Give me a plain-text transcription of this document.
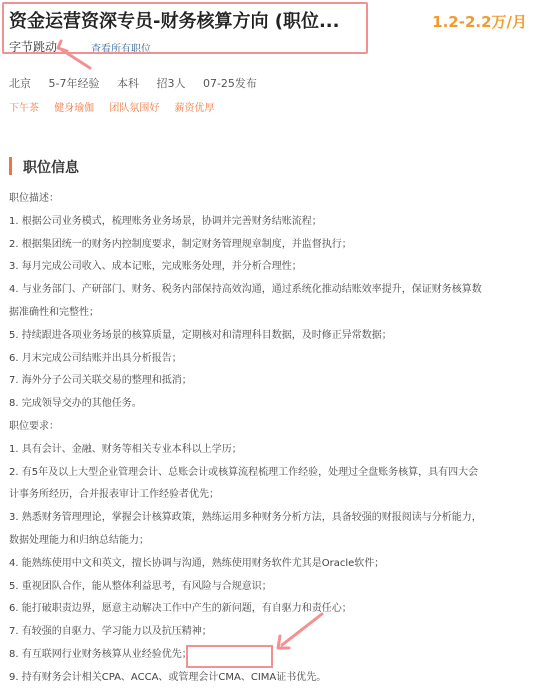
资金运营资深专员-财务核算方向 (职位...	1.2-2.2万/月
字节跳动	查看所有职位
北京 5-7年经验 本科 招3人 07-25发布
下午茶 健身瑜伽 团队氛围好 薪资优厚
职位信息
职位描述：
1. 根据公司业务模式，梳理账务业务场景，协调并完善财务结账流程；
2. 根据集团统一的财务内控制度要求，制定财务管理规章制度，并监督执行；
3. 每月完成公司收入、成本记账，完成账务处理，并分析合理性；
4. 与业务部门、产研部门、财务、税务内部保持高效沟通，通过系统化推动结账效率提升，保证财务核算数
据准确性和完整性；
5. 持续跟进各项业务场景的核算质量，定期核对和清理科目数据，及时修正异常数据；
6. 月末完成公司结账并出具分析报告；
7. 海外分子公司关联交易的整理和抵消；
8. 完成领导交办的其他任务。
职位要求：
1. 具有会计、金融、财务等相关专业本科以上学历；
2. 有5年及以上大型企业管理会计、总账会计或核算流程梳理工作经验，处理过全盘账务核算，具有四大会
计事务所经历，合并报表审计工作经验者优先；
3. 熟悉财务管理理论，掌握会计核算政策，熟练运用多种财务分析方法，具备较强的财报阅读与分析能力，
数据处理能力和归纳总结能力；
4. 能熟练使用中文和英文，擅长协调与沟通，熟练使用财务软件尤其是Oracle软件；
5. 重视团队合作，能从整体利益思考，有风险与合规意识；
6. 能打破职责边界，愿意主动解决工作中产生的新问题，有自驱力和责任心；
7. 有较强的自驱力、学习能力以及抗压精神；
8. 有互联网行业财务核算从业经验优先；
9. 持有财务会计相关CPA、ACCA、或管理会计CMA、CIMA证书优先。
